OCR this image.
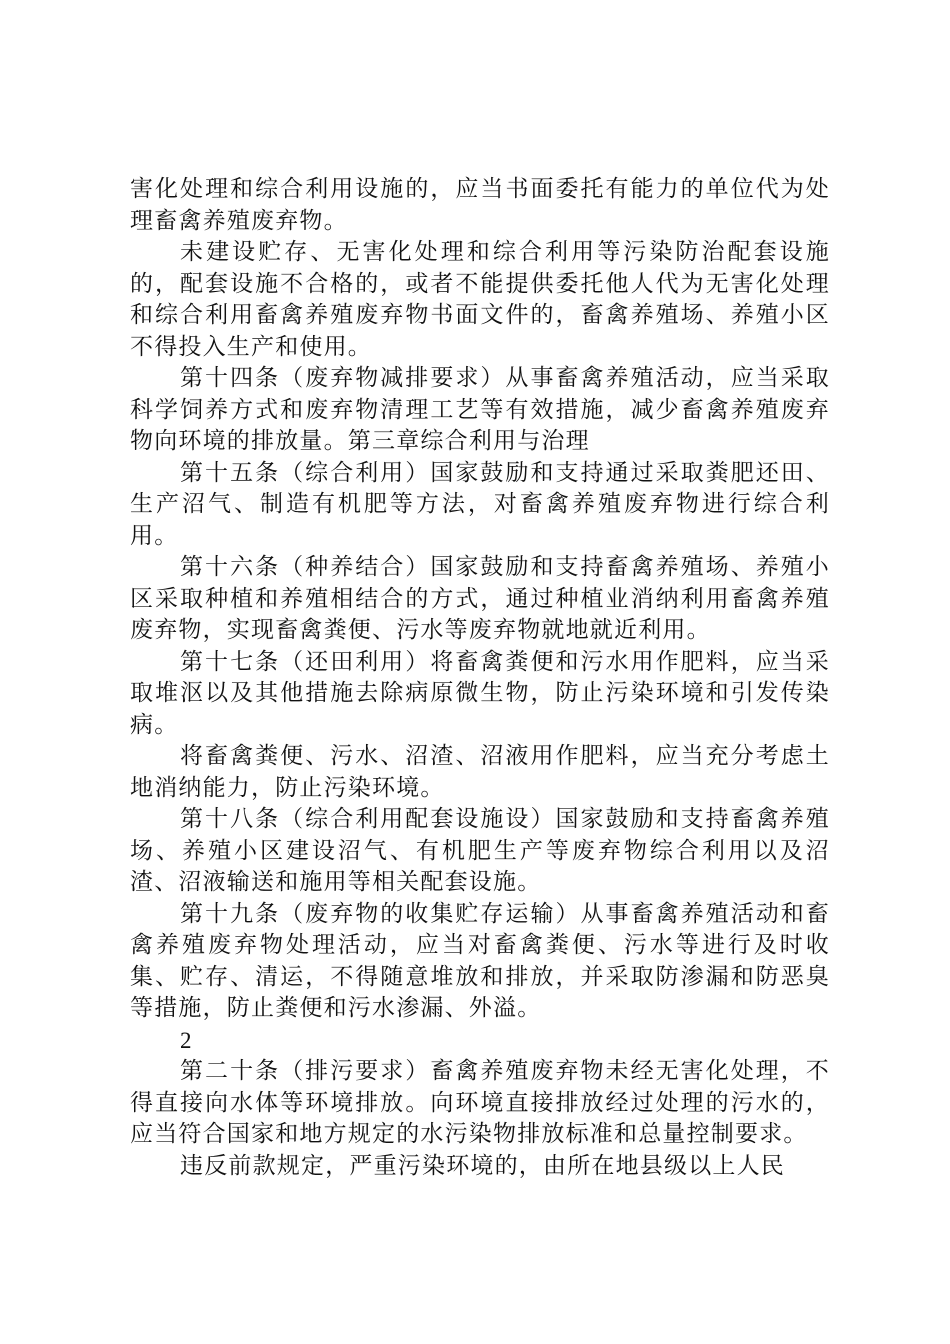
害化处理和综合利用设施的，应当书面委托有能力的单位代为处理畜禽养殖废弃物。

未建设贮存、无害化处理和综合利用等污染防治配套设施的，配套设施不合格的，或者不能提供委托他人代为无害化处理和综合利用畜禽养殖废弃物书面文件的，畜禽养殖场、养殖小区不得投入生产和使用。

第十四条（废弃物减排要求）从事畜禽养殖活动，应当采取科学饲养方式和废弃物清理工艺等有效措施，减少畜禽养殖废弃物向环境的排放量。第三章综合利用与治理

第十五条（综合利用）国家鼓励和支持通过采取粪肥还田、生产沼气、制造有机肥等方法，对畜禽养殖废弃物进行综合利用。

第十六条（种养结合）国家鼓励和支持畜禽养殖场、养殖小区采取种植和养殖相结合的方式，通过种植业消纳利用畜禽养殖废弃物，实现畜禽粪便、污水等废弃物就地就近利用。

第十七条（还田利用）将畜禽粪便和污水用作肥料，应当采取堆沤以及其他措施去除病原微生物，防止污染环境和引发传染病。

将畜禽粪便、污水、沼渣、沼液用作肥料，应当充分考虑土地消纳能力，防止污染环境。

第十八条（综合利用配套设施设）国家鼓励和支持畜禽养殖场、养殖小区建设沼气、有机肥生产等废弃物综合利用以及沼渣、沼液输送和施用等相关配套设施。

第十九条（废弃物的收集贮存运输）从事畜禽养殖活动和畜禽养殖废弃物处理活动，应当对畜禽粪便、污水等进行及时收集、贮存、清运，不得随意堆放和排放，并采取防渗漏和防恶臭等措施，防止粪便和污水渗漏、外溢。

2

第二十条（排污要求）畜禽养殖废弃物未经无害化处理，不得直接向水体等环境排放。向环境直接排放经过处理的污水的，应当符合国家和地方规定的水污染物排放标准和总量控制要求。

违反前款规定，严重污染环境的，由所在地县级以上人民
